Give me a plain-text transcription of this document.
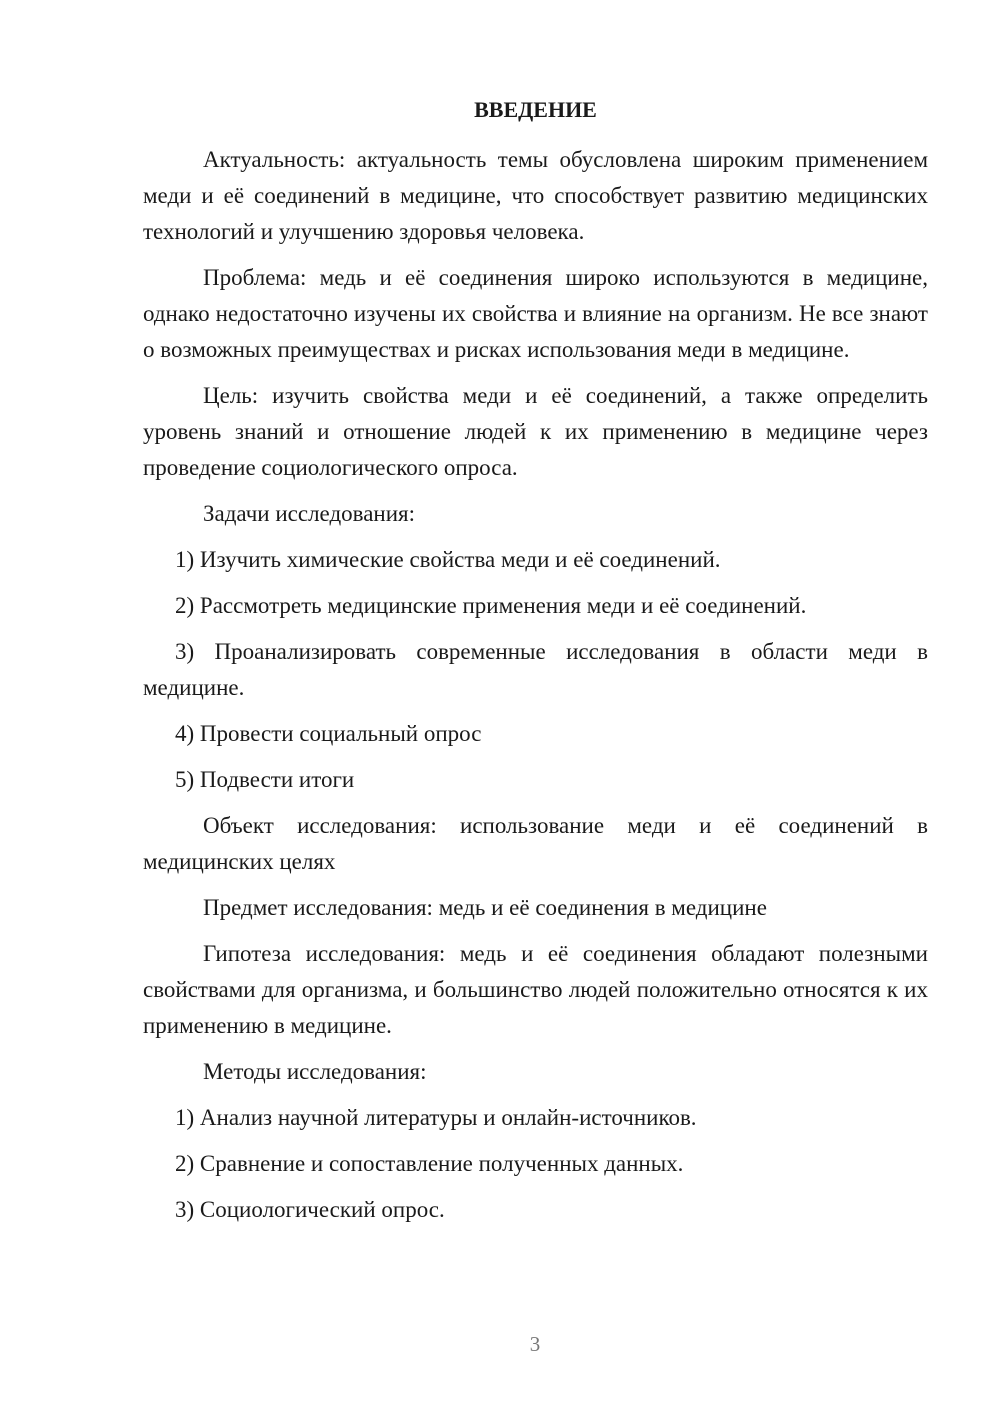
ВВЕДЕНИЕ
Актуальность: актуальность темы обусловлена широким применением меди и её соединений в медицине, что способствует развитию медицинских технологий и улучшению здоровья человека.
Проблема: медь и её соединения широко используются в медицине, однако недостаточно изучены их свойства и влияние на организм. Не все знают о возможных преимуществах и рисках использования меди в медицине.
Цель: изучить свойства меди и её соединений, а также определить уровень знаний и отношение людей к их применению в медицине через проведение социологического опроса.
Задачи исследования:
1) Изучить химические свойства меди и её соединений.
2) Рассмотреть медицинские применения меди и её соединений.
3) Проанализировать современные исследования в области меди в медицине.
4) Провести социальный опрос
5) Подвести итоги
Объект исследования: использование меди и её соединений в медицинских целях
Предмет исследования: медь и её соединения в медицине
Гипотеза исследования: медь и её соединения обладают полезными свойствами для организма, и большинство людей положительно относятся к их применению в медицине.
Методы исследования:
1) Анализ научной литературы и онлайн-источников.
2) Сравнение и сопоставление полученных данных.
3) Социологический опрос.
3
